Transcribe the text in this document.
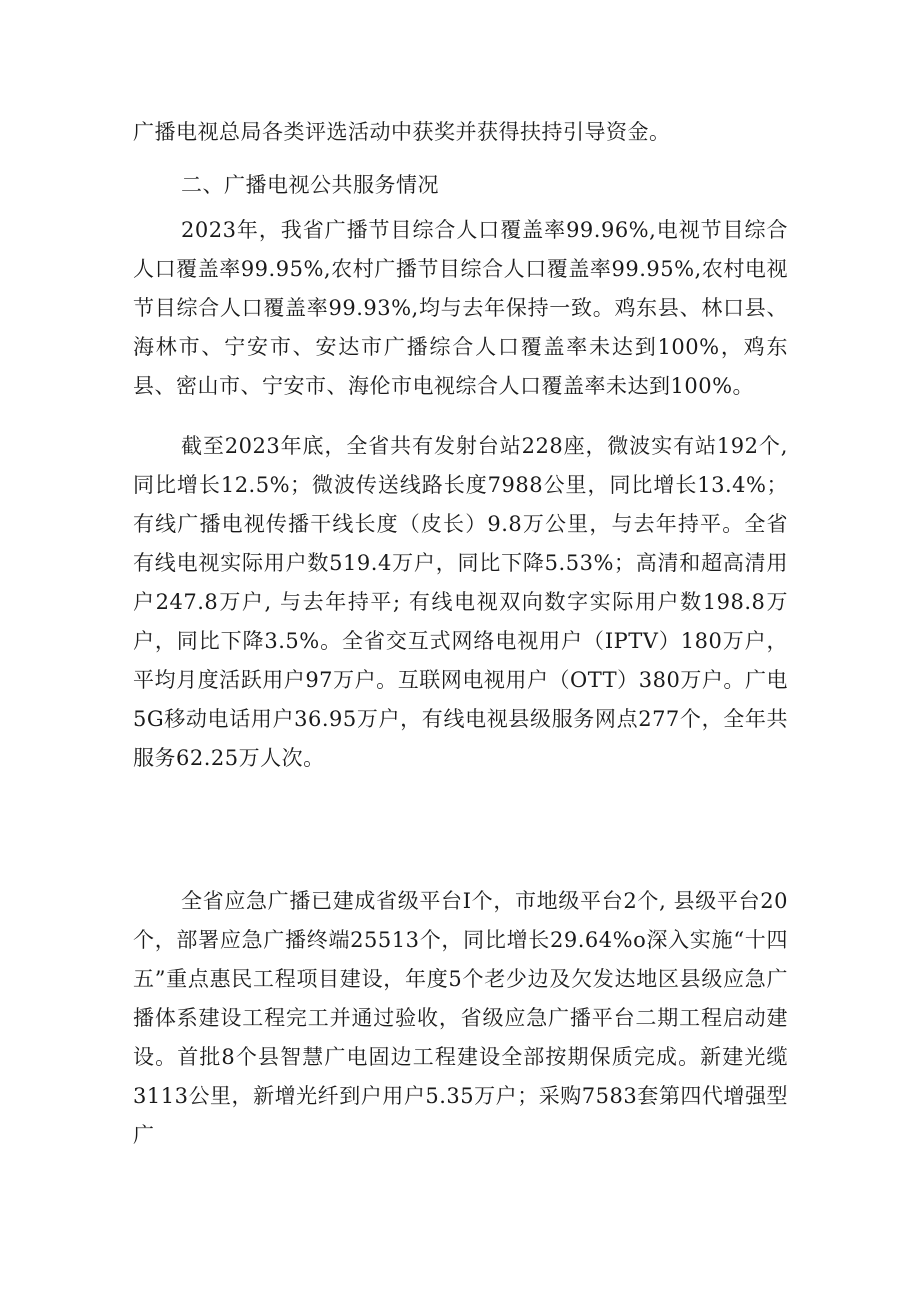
广播电视总局各类评选活动中获奖并获得扶持引导资金。

二、广播电视公共服务情况

2023年，我省广播节目综合人口覆盖率99.96%,电视节目综合人口覆盖率99.95%,农村广播节目综合人口覆盖率99.95%,农村电视节目综合人口覆盖率99.93%,均与去年保持一致。鸡东县、林口县、海林市、宁安市、安达市广播综合人口覆盖率未达到100%，鸡东县、密山市、宁安市、海伦市电视综合人口覆盖率未达到100%。

截至2023年底，全省共有发射台站228座，微波实有站192个, 同比增长12.5%；微波传送线路长度7988公里，同比增长13.4%；有线广播电视传播干线长度（皮长）9.8万公里，与去年持平。全省有线电视实际用户数519.4万户，同比下降5.53%；高清和超高清用户247.8万户, 与去年持平; 有线电视双向数字实际用户数198.8万户，同比下降3.5%。全省交互式网络电视用户（IPTV）180万户，平均月度活跃用户97万户。互联网电视用户（OTT）380万户。广电5G移动电话用户36.95万户，有线电视县级服务网点277个，全年共服务62.25万人次。

全省应急广播已建成省级平台I个，市地级平台2个, 县级平台20个，部署应急广播终端25513个，同比增长29.64%o深入实施“十四五”重点惠民工程项目建设，年度5个老少边及欠发达地区县级应急广播体系建设工程完工并通过验收，省级应急广播平台二期工程启动建设。首批8个县智慧广电固边工程建设全部按期保质完成。新建光缆3113公里，新增光纤到户用户5.35万户；采购7583套第四代增强型广
